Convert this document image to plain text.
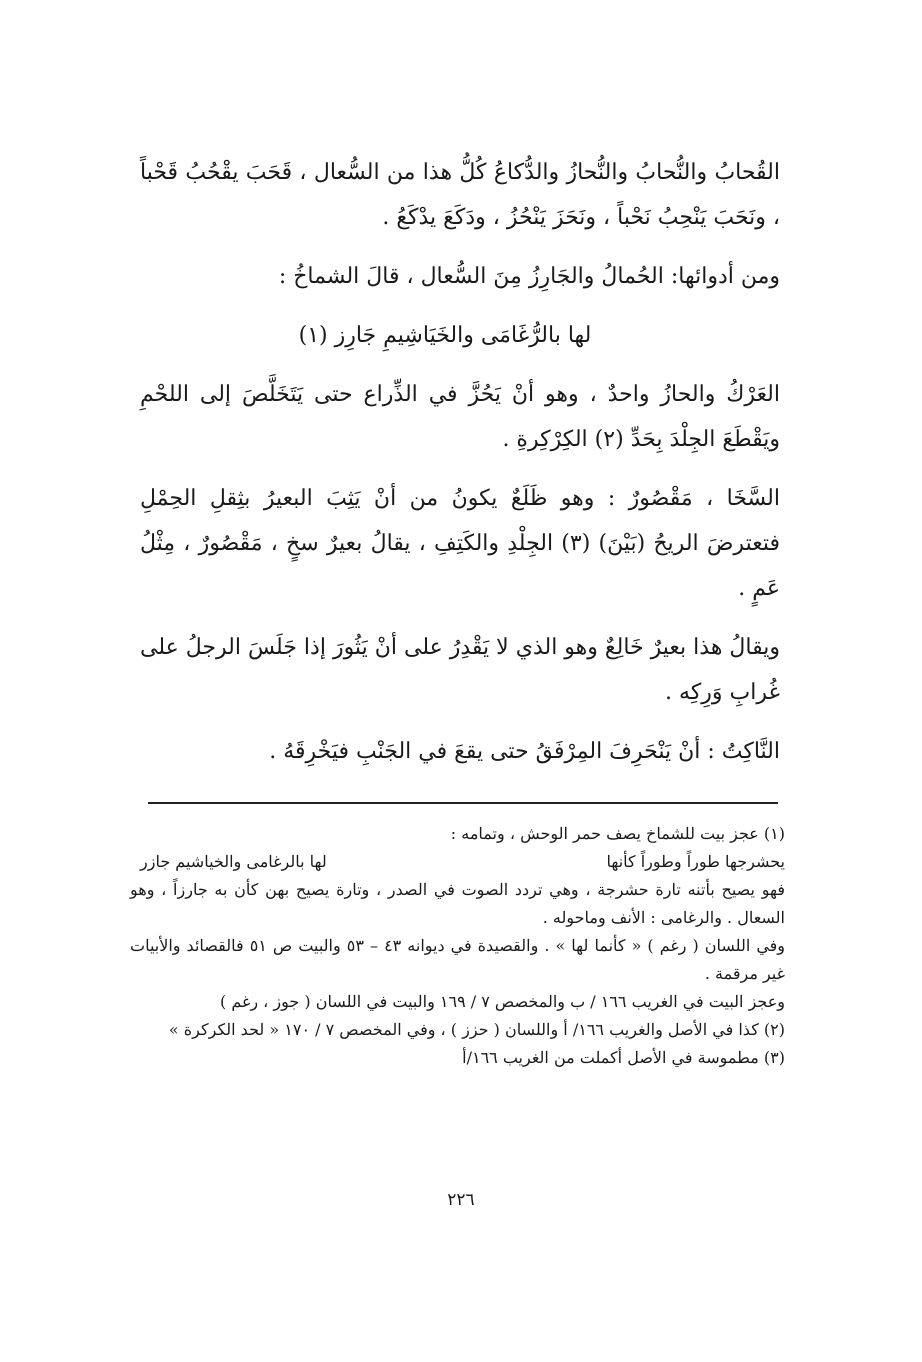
القُحابُ والنُّحابُ والنُّحازُ والدُّكاعُ كُلُّ هذا من السُّعال ، قَحَبَ يقْحُبُ قَحْباً ، ونَحَبَ يَنْحِبُ نَحْباً ، ونَحَزَ يَنْحُزُ ، ودَكَعَ يدْكَعُ .

ومن أدوائها: الحُمالُ والجَارِزُ مِنَ السُّعال ، قالَ الشماخُ :

لها بالرُّغَامَى والخَيَاشِيمِ جَارِز (١)

العَرْكُ والحازُ واحدٌ ، وهو أنْ يَحُزَّ في الذِّراع حتى يَتَخَلَّصَ إلى اللحْمِ ويَقْطَعَ الجِلْدَ بِحَدِّ (٢) الكِرْكِرةِ .

السَّخَا ، مَقْصُورٌ : وهو ظَلَعٌ يكونُ من أنْ يَثِبَ البعيرُ بثِقلِ الحِمْلِ فتعترضَ الريحُ (بَيْنَ) (٣) الجِلْدِ والكَتِفِ ، يقالُ بعيرٌ سخٍ ، مَقْصُورٌ ، مِثْلُ عَمٍ .

ويقالُ هذا بعيرٌ خَالِعٌ وهو الذي لا يَقْدِرُ على أنْ يَثُورَ إذا جَلَسَ الرجلُ على غُرابِ وَرِكِه .

النَّاكِتُ : أنْ يَنْحَرِفَ المِرْفَقُ حتى يقعَ في الجَنْبِ فيَخْرِقَهُ .

(١) عجز بيت للشماخ يصف حمر الوحش ، وتمامه :

يحشرجها طوراً وطوراً كأنها
لها بالرغامى والخياشيم جازر

فهو يصيح بأتنه تارة حشرجة ، وهي تردد الصوت في الصدر ، وتارة يصيح بهن كأن به جارزاً ، وهو السعال . والرغامى : الأنف وماحوله .

وفي اللسان ( رغم ) « كأنما لها » . والقصيدة في ديوانه ٤٣ – ٥٣ والبيت ص ٥١ فالقصائد والأبيات غير مرقمة .

وعجز البيت في الغريب ١٦٦ / ب والمخصص ٧ / ١٦٩ والبيت في اللسان ( جوز ، رغم )

(٢) كذا في الأصل والغريب ١٦٦/ أ واللسان ( حزز ) ، وفي المخصص ٧ / ١٧٠ « لحد الكركرة »

(٣) مطموسة في الأصل أكملت من الغريب ١٦٦/أ

٢٢٦
